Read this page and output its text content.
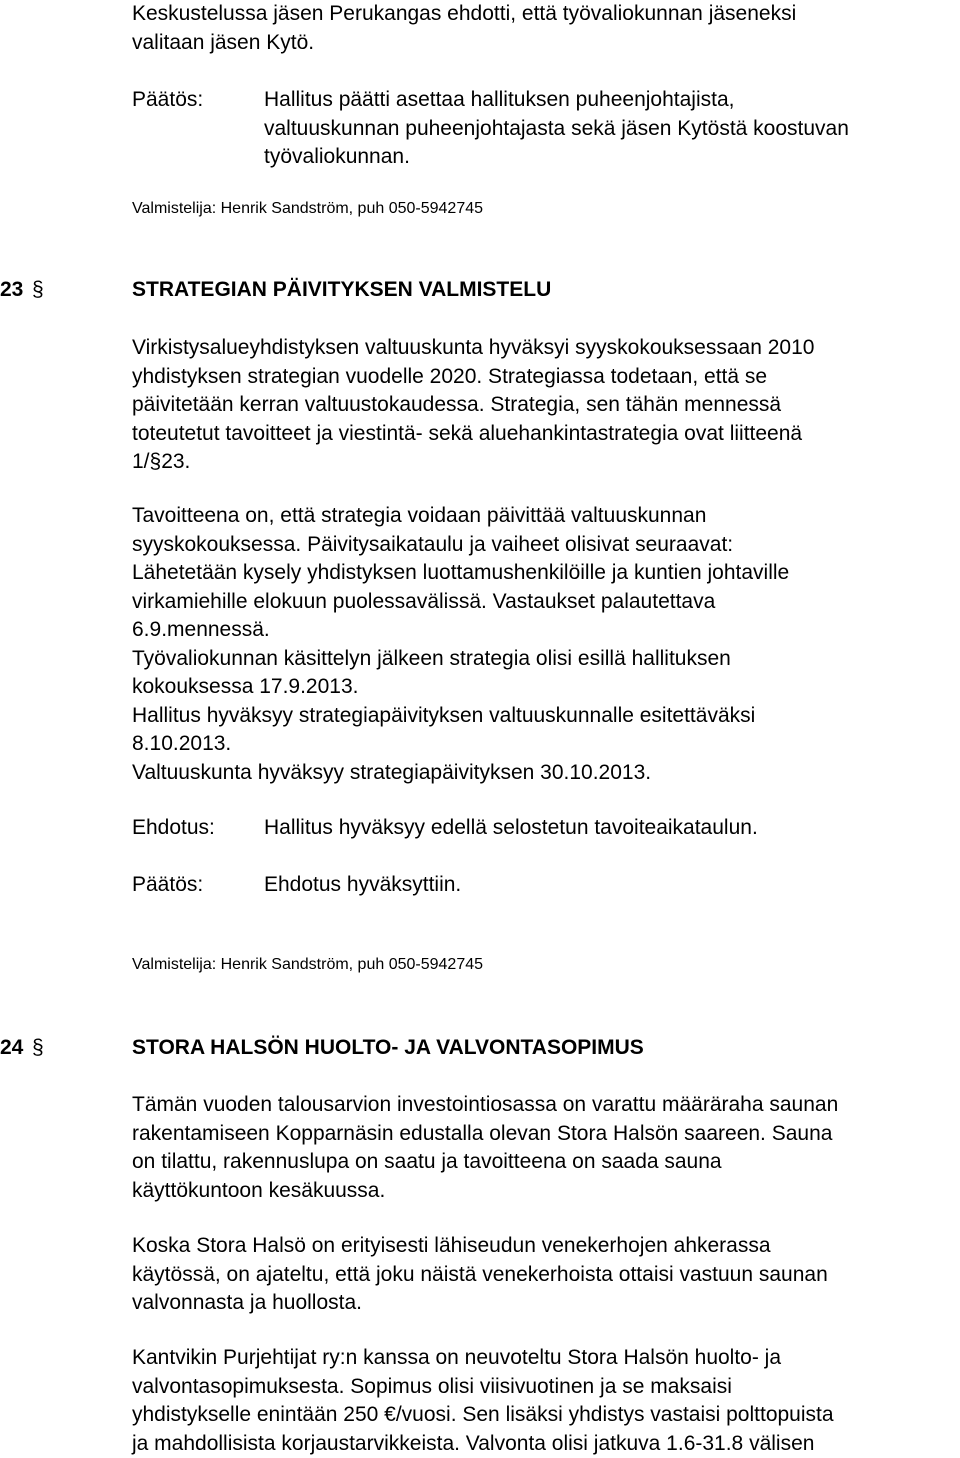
Keskustelussa jäsen Perukangas ehdotti, että työvaliokunnan jäseneksi

valitaan jäsen Kytö.

Päätös:	Hallitus päätti asettaa hallituksen puheenjohtajista,

valtuuskunnan puheenjohtajasta sekä jäsen Kytöstä koostuvan

työvaliokunnan.

Valmistelija: Henrik Sandström, puh 050-5942745
23 §	STRATEGIAN PÄIVITYKSEN VALMISTELU

Virkistysalueyhdistyksen valtuuskunta hyväksyi syyskokouksessaan 2010

yhdistyksen strategian vuodelle 2020. Strategiassa todetaan, että se

päivitetään kerran valtuustokaudessa. Strategia, sen tähän mennessä

toteutetut tavoitteet ja viestintä- sekä aluehankintastrategia ovat liitteenä

1/§23.

Tavoitteena on, että strategia voidaan päivittää valtuuskunnan

syyskokouksessa. Päivitysaikataulu ja vaiheet olisivat seuraavat:

Lähetetään kysely yhdistyksen luottamushenkilöille ja kuntien johtaville

virkamiehille elokuun puolessavälissä. Vastaukset palautettava

6.9.mennessä.

Työvaliokunnan käsittelyn jälkeen strategia olisi esillä hallituksen

kokouksessa 17.9.2013.

Hallitus hyväksyy strategiapäivityksen valtuuskunnalle esitettäväksi

8.10.2013.

Valtuuskunta hyväksyy strategiapäivityksen 30.10.2013.

Ehdotus: Hallitus hyväksyy edellä selostetun tavoiteaikataulun.
Päätös:	Ehdotus hyväksyttiin.
Valmistelija: Henrik Sandström, puh 050-5942745
24 §	STORA HALSÖN HUOLTO- JA VALVONTASOPIMUS

Tämän vuoden talousarvion investointiosassa on varattu määräraha saunan

rakentamiseen Kopparnäsin edustalla olevan Stora Halsön saareen. Sauna

on tilattu, rakennuslupa on saatu ja tavoitteena on saada sauna

käyttökuntoon kesäkuussa.

Koska Stora Halsö on erityisesti lähiseudun venekerhojen ahkerassa

käytössä, on ajateltu, että joku näistä venekerhoista ottaisi vastuun saunan

valvonnasta ja huollosta.

Kantvikin Purjehtijat ry:n kanssa on neuvoteltu Stora Halsön huolto- ja

valvontasopimuksesta. Sopimus olisi viisivuotinen ja se maksaisi

yhdistykselle enintään 250 €/vuosi. Sen lisäksi yhdistys vastaisi polttopuista

ja mahdollisista korjaustarvikkeista. Valvonta olisi jatkuva 1.6-31.8 välisen
